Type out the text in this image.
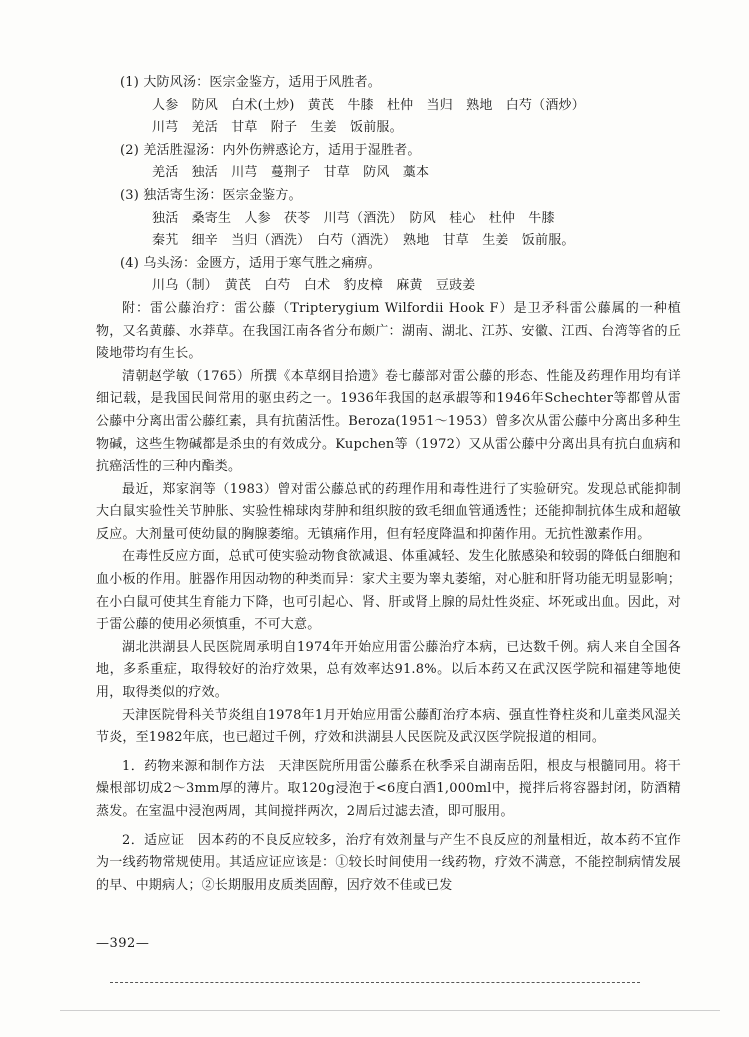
(1) 大防风汤：医宗金鉴方，适用于风胜者。
人参　防风　白术(土炒)　黄芪　牛膝　杜仲　当归　熟地　白芍（酒炒）
川芎　羌活　甘草　附子　生姜　饭前服。
(2) 羌活胜湿汤：内外伤辨惑论方，适用于湿胜者。
羌活　独活　川芎　蔓荆子　甘草　防风　藁本
(3) 独活寄生汤：医宗金鉴方。
独活　桑寄生　人参　茯苓　川芎（酒洗）　防风　桂心　杜仲　牛膝
秦艽　细辛　当归（酒洗）　白芍（酒洗）　熟地　甘草　生姜　饭前服。
(4) 乌头汤：金匮方，适用于寒气胜之痛痹。
川乌（制）　黄芪　白芍　白术　豹皮樟　麻黄　豆豉姜

附：雷公藤治疗：雷公藤（Tripterygium Wilfordii Hook F）是卫矛科雷公藤属的一种植物，又名黄藤、水莽草。在我国江南各省分布颇广：湖南、湖北、江苏、安徽、江西、台湾等省的丘陵地带均有生长。

清朝赵学敏（1765）所撰《本草纲目拾遗》卷七藤部对雷公藤的形态、性能及药理作用均有详细记载，是我国民间常用的驱虫药之一。1936年我国的赵承嘏等和1946年Schechter等都曾从雷公藤中分离出雷公藤红素，具有抗菌活性。Beroza(1951～1953）曾多次从雷公藤中分离出多种生物碱，这些生物碱都是杀虫的有效成分。Kupchen等（1972）又从雷公藤中分离出具有抗白血病和抗癌活性的三种内酯类。

最近，郑家润等（1983）曾对雷公藤总甙的药理作用和毒性进行了实验研究。发现总甙能抑制大白鼠实验性关节肿胀、实验性棉球肉芽肿和组织胺的致毛细血管通透性；还能抑制抗体生成和超敏反应。大剂量可使幼鼠的胸腺萎缩。无镇痛作用，但有轻度降温和抑菌作用。无抗性激素作用。

在毒性反应方面，总甙可使实验动物食欲减退、体重减轻、发生化脓感染和较弱的降低白细胞和血小板的作用。脏器作用因动物的种类而异：家犬主要为睾丸萎缩，对心脏和肝肾功能无明显影响；在小白鼠可使其生育能力下降，也可引起心、肾、肝或肾上腺的局灶性炎症、坏死或出血。因此，对于雷公藤的使用必须慎重，不可大意。

湖北洪湖县人民医院周承明自1974年开始应用雷公藤治疗本病，已达数千例。病人来自全国各地，多系重症，取得较好的治疗效果，总有效率达91.8%。以后本药又在武汉医学院和福建等地使用，取得类似的疗效。

天津医院骨科关节炎组自1978年1月开始应用雷公藤酊治疗本病、强直性脊柱炎和儿童类风湿关节炎，至1982年底，也已超过千例，疗效和洪湖县人民医院及武汉医学院报道的相同。

1．药物来源和制作方法　天津医院所用雷公藤系在秋季采自湖南岳阳，根皮与根髓同用。将干燥根部切成2～3mm厚的薄片。取120g浸泡于<6度白酒1,000ml中，搅拌后将容器封闭，防酒精蒸发。在室温中浸泡两周，其间搅拌两次，2周后过滤去渣，即可服用。

2．适应证　因本药的不良反应较多，治疗有效剂量与产生不良反应的剂量相近，故本药不宜作为一线药物常规使用。其适应证应该是：①较长时间使用一线药物，疗效不满意，不能控制病情发展的早、中期病人；②长期服用皮质类固醇，因疗效不佳或已发

—392—
